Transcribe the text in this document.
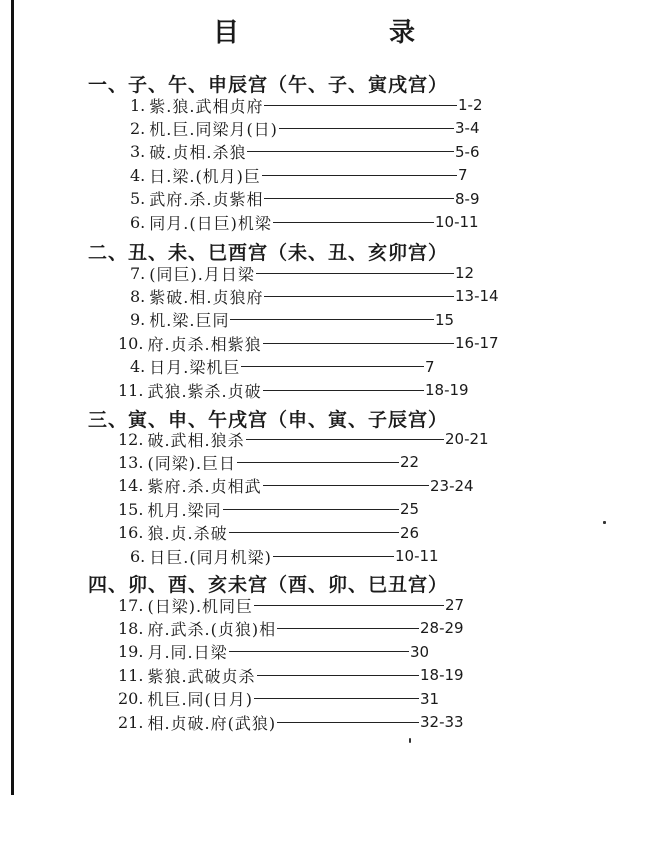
目　录
一、子、午、申辰宫（午、子、寅戌宫）
1. 紫.狼.武相贞府	1-2
2. 机.巨.同梁月(日)	3-4
3. 破.贞相.杀狼	5-6
4. 日.梁.(机月)巨	7
5. 武府.杀.贞紫相	8-9
6. 同月.(日巨)机梁	10-11
二、丑、未、巳酉宫（未、丑、亥卯宫）
7. (同巨).月日梁	12
8. 紫破.相.贞狼府	13-14
9. 机.梁.巨同	15
10. 府.贞杀.相紫狼	16-17
4. 日月.梁机巨	7
11. 武狼.紫杀.贞破	18-19
三、寅、申、午戌宫（申、寅、子辰宫）
12. 破.武相.狼杀	20-21
13. (同梁).巨日	22
14. 紫府.杀.贞相武	23-24
15. 机月.梁同	25
16. 狼.贞.杀破	26
6. 日巨.(同月机梁)	10-11
四、卯、酉、亥未宫（酉、卯、巳丑宫）
17. (日梁).机同巨	27
18. 府.武杀.(贞狼)相	28-29
19. 月.同.日梁	30
11. 紫狼.武破贞杀	18-19
20. 机巨.同(日月)	31
21. 相.贞破.府(武狼)	32-33
